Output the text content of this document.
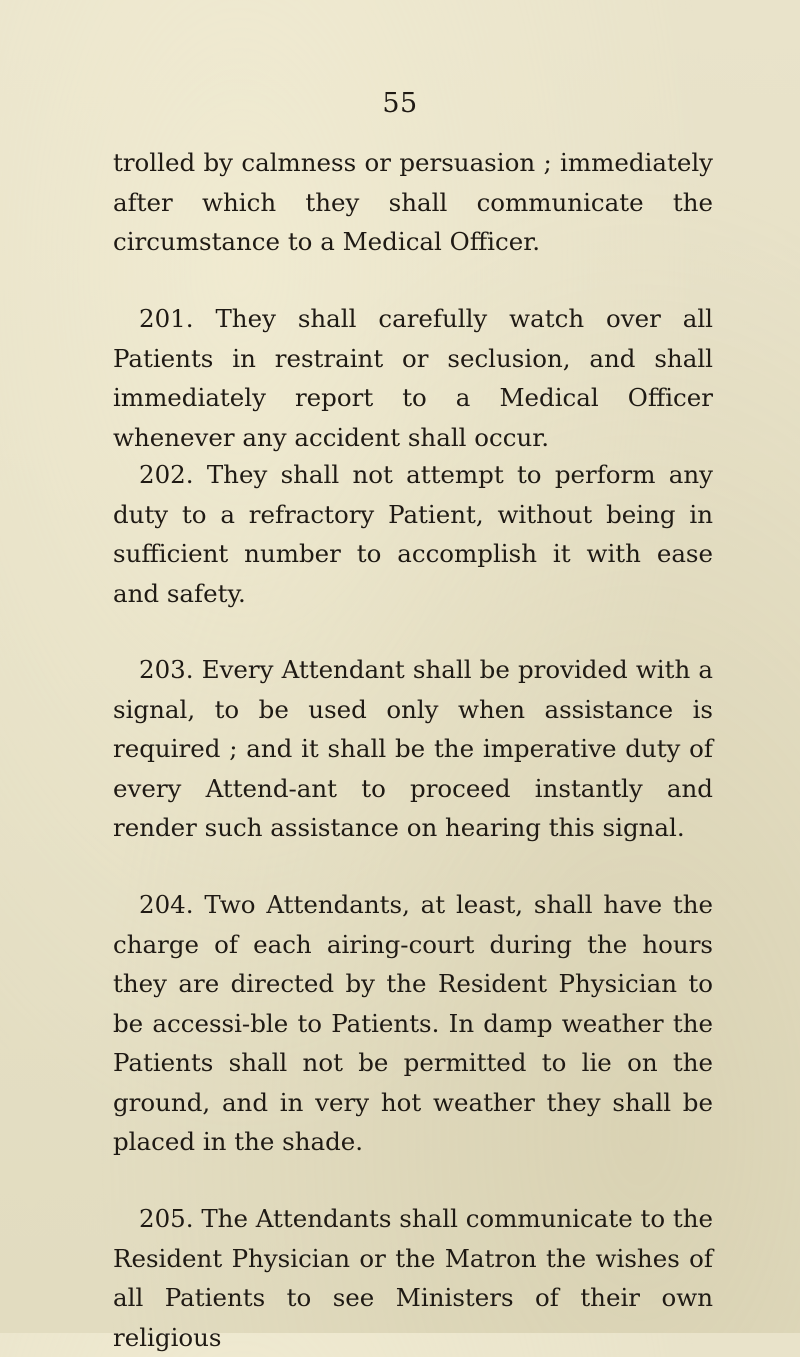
55

trolled by calmness or persuasion ; immediately after which they shall communicate the circumstance to a Medical Officer.

201. They shall carefully watch over all Patients in restraint or seclusion, and shall immediately report to a Medical Officer whenever any accident shall occur.

202. They shall not attempt to perform any duty to a refractory Patient, without being in sufficient number to accomplish it with ease and safety.

203. Every Attendant shall be provided with a signal, to be used only when assistance is required ; and it shall be the imperative duty of every Attend-ant to proceed instantly and render such assistance on hearing this signal.

204. Two Attendants, at least, shall have the charge of each airing-court during the hours they are directed by the Resident Physician to be accessi-ble to Patients. In damp weather the Patients shall not be permitted to lie on the ground, and in very hot weather they shall be placed in the shade.

205. The Attendants shall communicate to the Resident Physician or the Matron the wishes of all Patients to see Ministers of their own religious
